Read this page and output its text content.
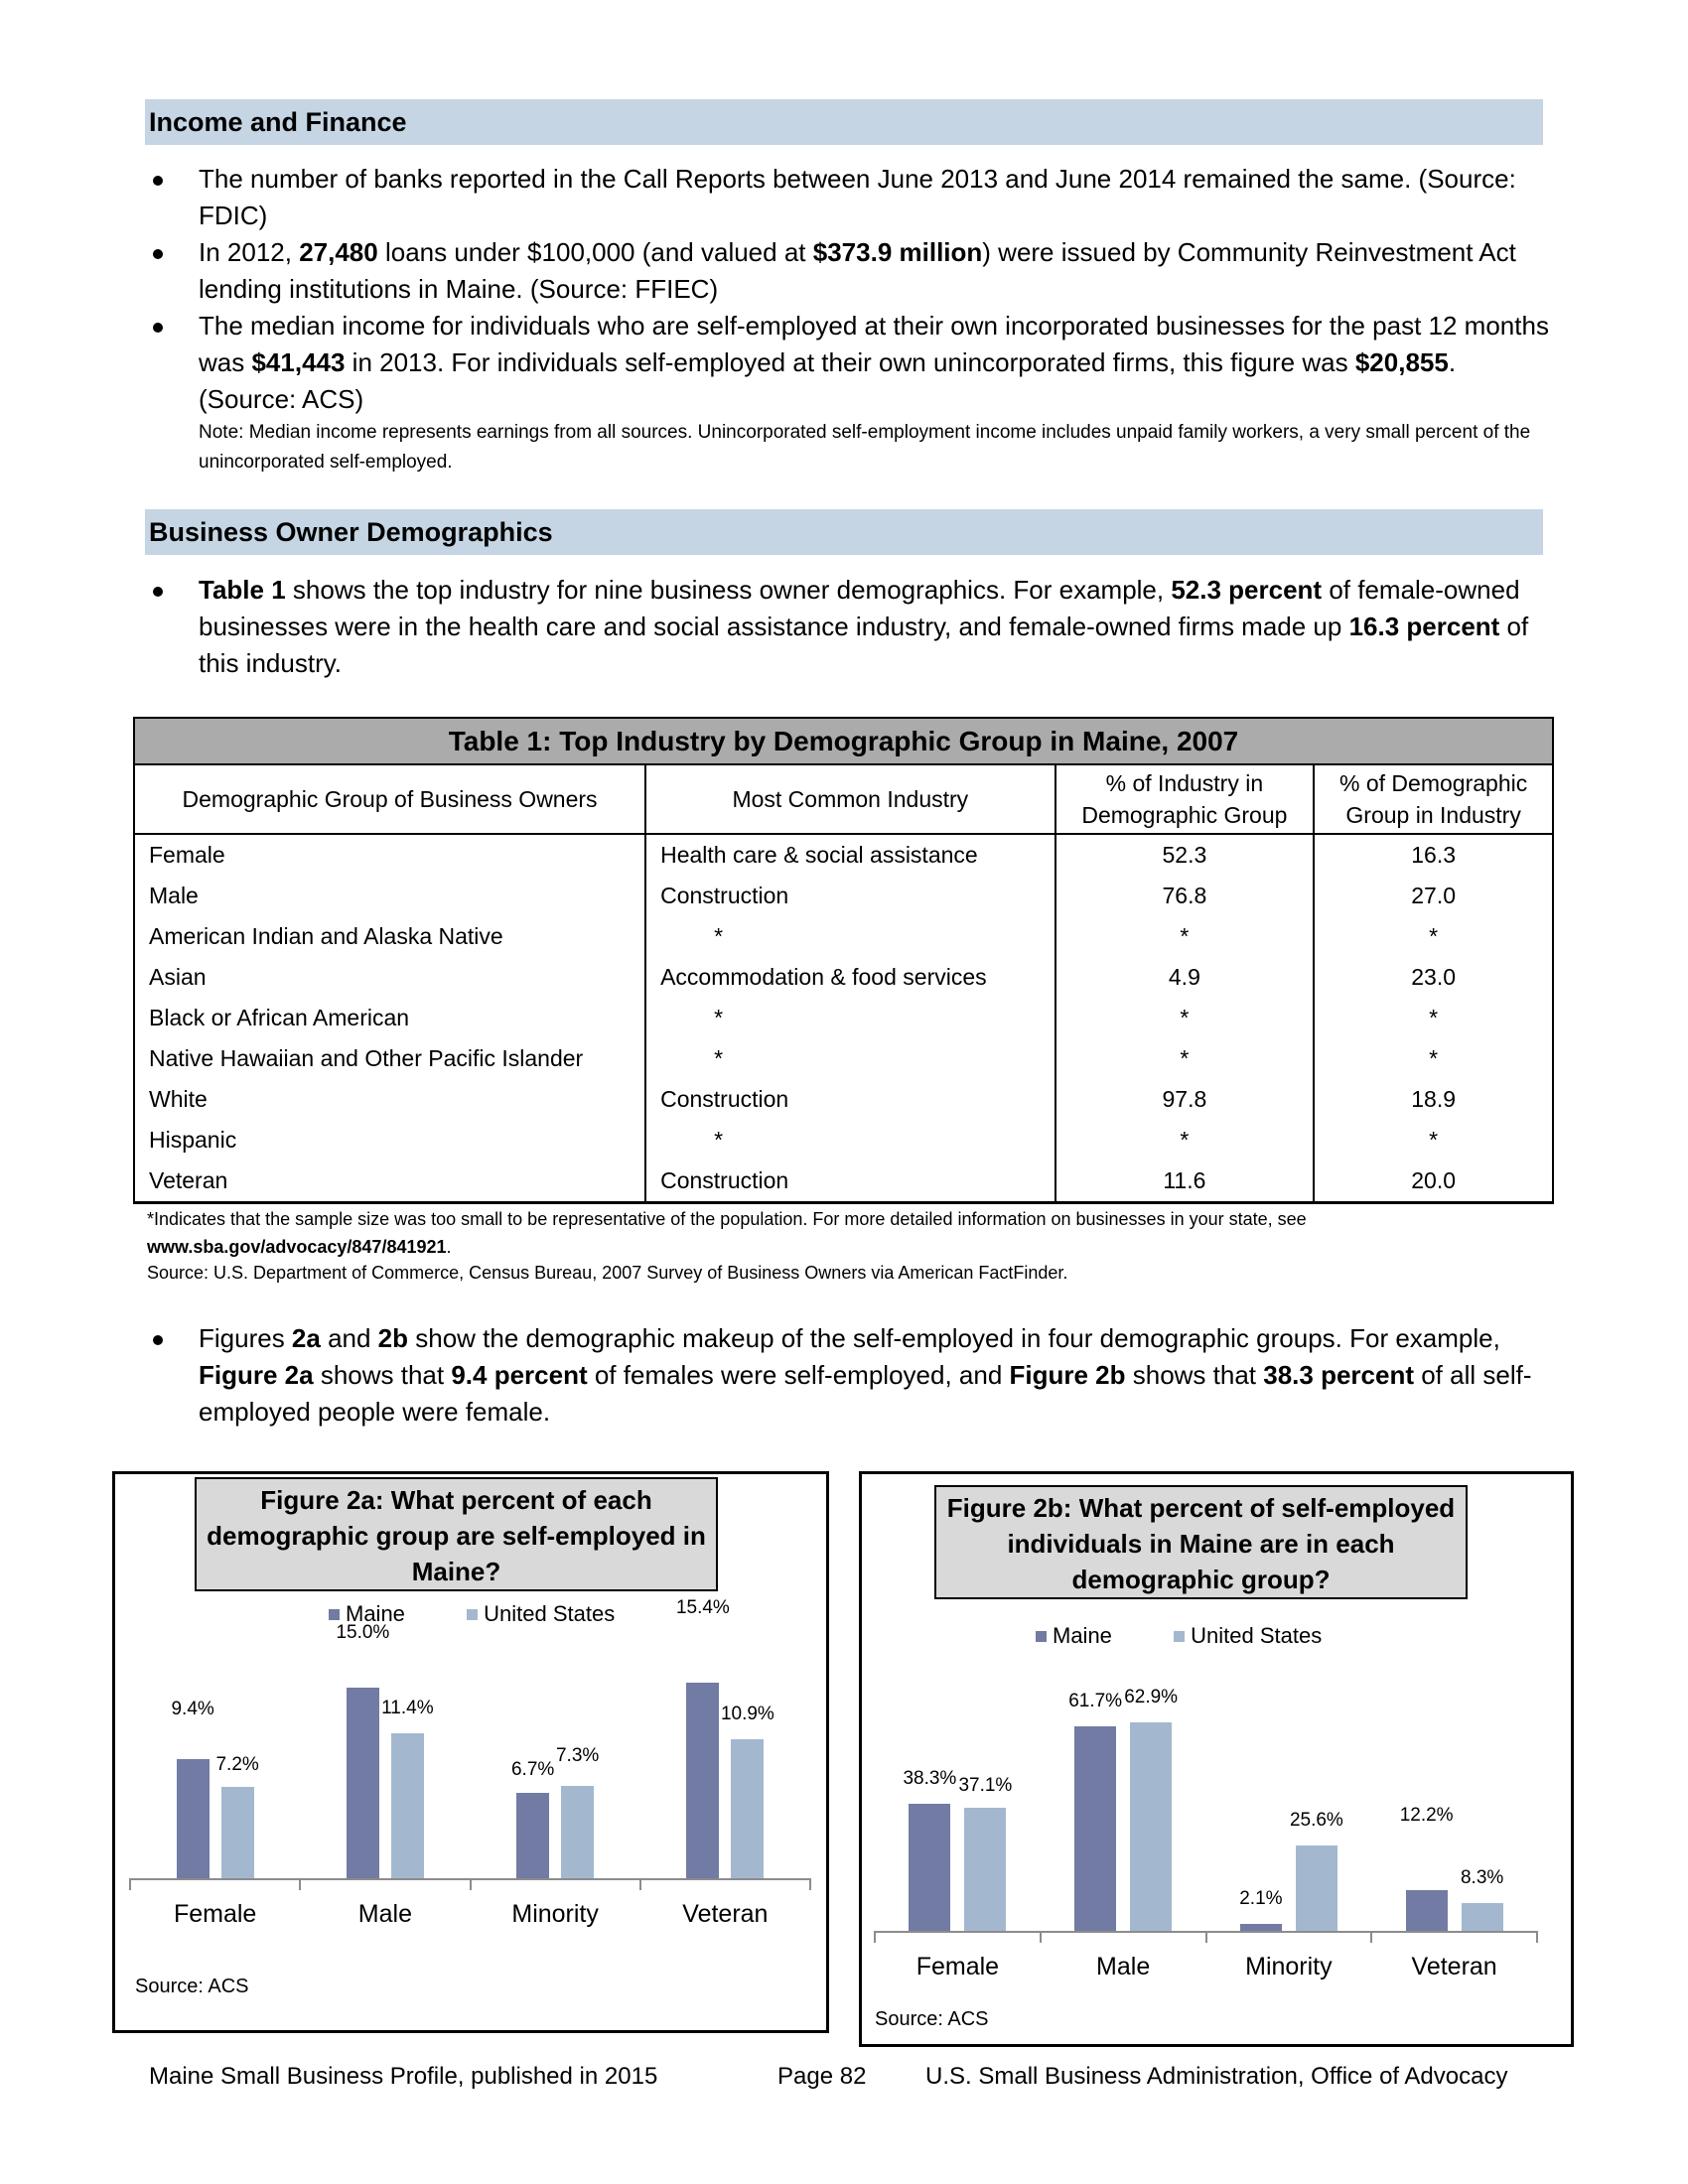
Income and Finance
The number of banks reported in the Call Reports between June 2013 and June 2014 remained the same. (Source: FDIC)
In 2012, 27,480 loans under $100,000 (and valued at $373.9 million) were issued by Community Reinvestment Act lending institutions in Maine. (Source: FFIEC)
The median income for individuals who are self-employed at their own incorporated businesses for the past 12 months was $41,443 in 2013. For individuals self-employed at their own unincorporated firms, this figure was $20,855. (Source: ACS)
Note: Median income represents earnings from all sources. Unincorporated self-employment income includes unpaid family workers, a very small percent of the unincorporated self-employed.
Business Owner Demographics
Table 1 shows the top industry for nine business owner demographics. For example, 52.3 percent of female-owned businesses were in the health care and social assistance industry, and female-owned firms made up 16.3 percent of this industry.
Table 1: Top Industry by Demographic Group in Maine, 2007			
Demographic Group of Business Owners	Most Common Industry	% of Industry in Demographic Group	% of Demographic Group in Industry
Female	Health care & social assistance	52.3	16.3
Male	Construction	76.8	27.0
American Indian and Alaska Native	*	*	*
Asian	Accommodation & food services	4.9	23.0
Black or African American	*	*	*
Native Hawaiian and Other Pacific Islander	*	*	*
White	Construction	97.8	18.9
Hispanic	*	*	*
Veteran	Construction	11.6	20.0
*Indicates that the sample size was too small to be representative of the population. For more detailed information on businesses in your state, see www.sba.gov/advocacy/847/841921.
Source: U.S. Department of Commerce, Census Bureau, 2007 Survey of Business Owners via American FactFinder.
Figures 2a and 2b show the demographic makeup of the self-employed in four demographic groups. For example, Figure 2a shows that 9.4 percent of females were self-employed, and Figure 2b shows that 38.3 percent of all self-employed people were female.
Figure 2a: What percent of each demographic group are self-employed in Maine?
Maine	United States
Female
9.4%
7.2%
Male
15.0%
11.4%
Minority
6.7%
7.3%
Veteran
15.4%
10.9%
Source: ACS
Figure 2b: What percent of self-employed individuals in Maine are in each demographic group?
Maine	United States
Female
38.3% 37.1%
Male
61.7% 62.9%
Minority
2.1%
25.6%
Veteran
12.2%
8.3%
Source: ACS
Maine Small Business Profile, published in 2015	Page 82 U.S. Small Business Administration, Office of Advocacy
